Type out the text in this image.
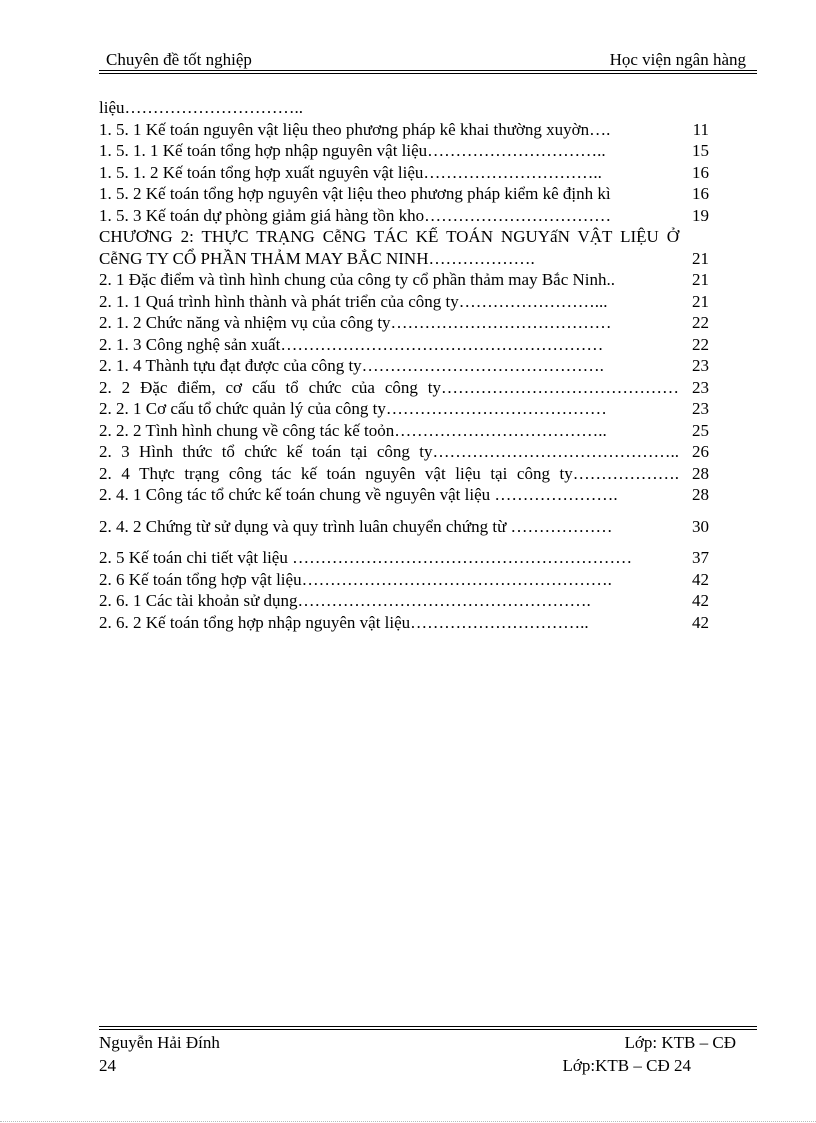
Chuyên đề tốt nghiệp	Học viện ngân hàng
liệu…………………………..
1. 5. 1 Kế toán nguyên vật liệu theo phương pháp kê khai thường xuyờn….	11
1. 5. 1. 1 Kế toán tổng hợp nhập nguyên vật liệu…………………………..	15
1. 5. 1. 2 Kế toán tổng hợp xuất nguyên vật liệu…………………………..	16
1. 5. 2 Kế toán tổng hợp nguyên vật liệu theo phương pháp kiểm kê định kì	16
1. 5. 3 Kế toán dự phòng giảm giá hàng tồn kho……………………………	19
CHƯƠNG 2: THỰC TRẠNG CễNG TÁC KẾ TOÁN NGUYấN VẬT LIỆU Ở CễNG TY CỔ PHẦN THẢM MAY BẮC NINH……………….	21
2. 1 Đặc điểm và tình hình chung của công ty cổ phần thảm may Bắc Ninh..	21
2. 1. 1 Quá trình hình thành và phát triển của công ty……………………...	21
2. 1. 2 Chức năng và nhiệm vụ của công ty…………………………………	22
2. 1. 3 Công nghệ sản xuất…………………………………………………	22
2. 1. 4 Thành tựu đạt được của công ty…………………………………….	23
2. 2 Đặc điểm, cơ cấu tổ chức của công ty…………………………………… 23
2. 2. 1 Cơ cấu tổ chức quản lý của công ty…………………………………	23
2. 2. 2 Tình hình chung về công tác kế toỏn………………………………..	25
2. 3 Hình thức tổ chức kế toán tại công ty…………………………………….. 26
2. 4 Thực trạng công tác kế toán nguyên vật liệu tại công ty………………. 28
2. 4. 1 Công tác tổ chức kế toán chung về nguyên vật liệu ………………….	28
2. 4. 2 Chứng từ sử dụng và quy trình luân chuyển chứng từ ………………	30
2. 5 Kế toán chi tiết vật liệu ……………………………………………………	37
2. 6 Kế toán tổng hợp vật liệu……………………………………………….	42
2. 6. 1 Các tài khoản sử dụng…………………………………………….	42
2. 6. 2 Kế toán tổng hợp nhập nguyên vật liệu…………………………..	42
Nguyễn Hải Đính	Lớp: KTB – CĐ
24	Lớp:KTB – CĐ 24
